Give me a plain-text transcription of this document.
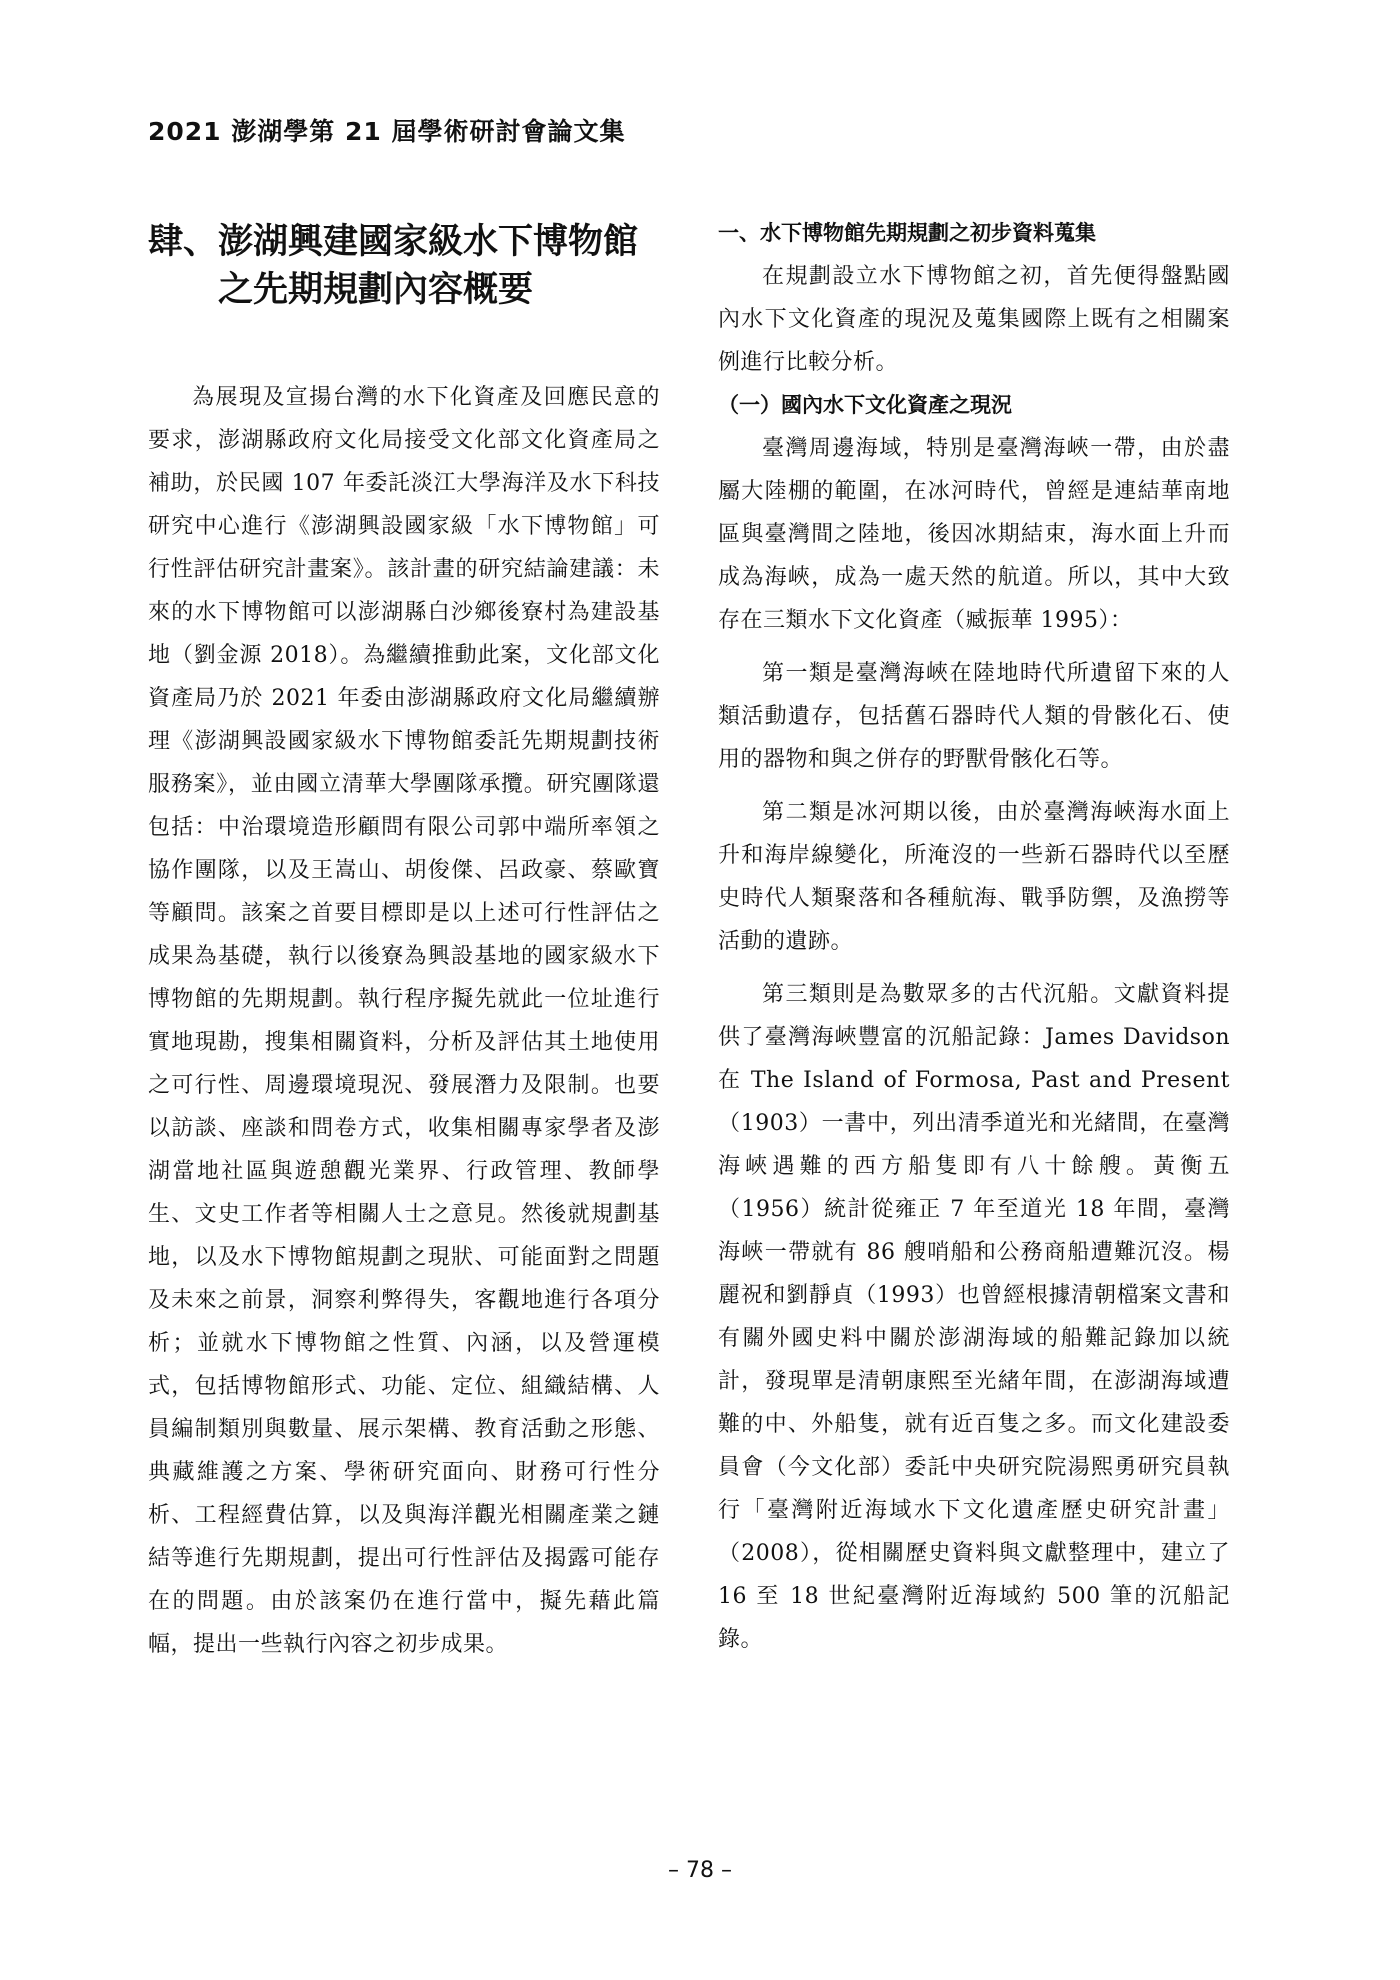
2021 澎湖學第 21 屆學術研討會論文集
肆、澎湖興建國家級水下博物館
之先期規劃內容概要

為展現及宣揚台灣的水下化資產及回應民意的要求，澎湖縣政府文化局接受文化部文化資產局之補助，於民國 107 年委託淡江大學海洋及水下科技研究中心進行《澎湖興設國家級「水下博物館」可行性評估研究計畫案》。該計畫的研究結論建議：未來的水下博物館可以澎湖縣白沙鄉後寮村為建設基地（劉金源 2018）。為繼續推動此案，文化部文化資產局乃於 2021 年委由澎湖縣政府文化局繼續辦理《澎湖興設國家級水下博物館委託先期規劃技術服務案》，並由國立清華大學團隊承攬。研究團隊還包括：中治環境造形顧問有限公司郭中端所率領之協作團隊，以及王嵩山、胡俊傑、呂政豪、蔡歐寶等顧問。該案之首要目標即是以上述可行性評估之成果為基礎，執行以後寮為興設基地的國家級水下博物館的先期規劃。執行程序擬先就此一位址進行實地現勘，搜集相關資料，分析及評估其土地使用之可行性、周邊環境現況、發展潛力及限制。也要以訪談、座談和問卷方式，收集相關專家學者及澎湖當地社區與遊憩觀光業界、行政管理、教師學生、文史工作者等相關人士之意見。然後就規劃基地，以及水下博物館規劃之現狀、可能面對之問題及未來之前景，洞察利弊得失，客觀地進行各項分析；並就水下博物館之性質、內涵，以及營運模式，包括博物館形式、功能、定位、組織結構、人員編制類別與數量、展示架構、教育活動之形態、典藏維護之方案、學術研究面向、財務可行性分析、工程經費估算，以及與海洋觀光相關產業之鏈結等進行先期規劃，提出可行性評估及揭露可能存在的問題。由於該案仍在進行當中，擬先藉此篇幅，提出一些執行內容之初步成果。

一、水下博物館先期規劃之初步資料蒐集

在規劃設立水下博物館之初，首先便得盤點國內水下文化資產的現況及蒐集國際上既有之相關案例進行比較分析。

（一）國內水下文化資產之現況

臺灣周邊海域，特別是臺灣海峽一帶，由於盡屬大陸棚的範圍，在冰河時代，曾經是連結華南地區與臺灣間之陸地，後因冰期結束，海水面上升而成為海峽，成為一處天然的航道。所以，其中大致存在三類水下文化資產（臧振華 1995）：

第一類是臺灣海峽在陸地時代所遺留下來的人類活動遺存，包括舊石器時代人類的骨骸化石、使用的器物和與之併存的野獸骨骸化石等。

第二類是冰河期以後，由於臺灣海峽海水面上升和海岸線變化，所淹沒的一些新石器時代以至歷史時代人類聚落和各種航海、戰爭防禦，及漁撈等活動的遺跡。

第三類則是為數眾多的古代沉船。文獻資料提供了臺灣海峽豐富的沉船記錄：James Davidson 在 The Island of Formosa, Past and Present（1903）一書中，列出清季道光和光緒間，在臺灣海峽遇難的西方船隻即有八十餘艘。黃衡五（1956）統計從雍正 7 年至道光 18 年間，臺灣海峽一帶就有 86 艘哨船和公務商船遭難沉沒。楊麗祝和劉靜貞（1993）也曾經根據清朝檔案文書和有關外國史料中關於澎湖海域的船難記錄加以統計，發現單是清朝康熙至光緒年間，在澎湖海域遭難的中、外船隻，就有近百隻之多。而文化建設委員會（今文化部）委託中央研究院湯熙勇研究員執行「臺灣附近海域水下文化遺產歷史研究計畫」（2008），從相關歷史資料與文獻整理中，建立了 16 至 18 世紀臺灣附近海域約 500 筆的沉船記錄。

– 78 –
